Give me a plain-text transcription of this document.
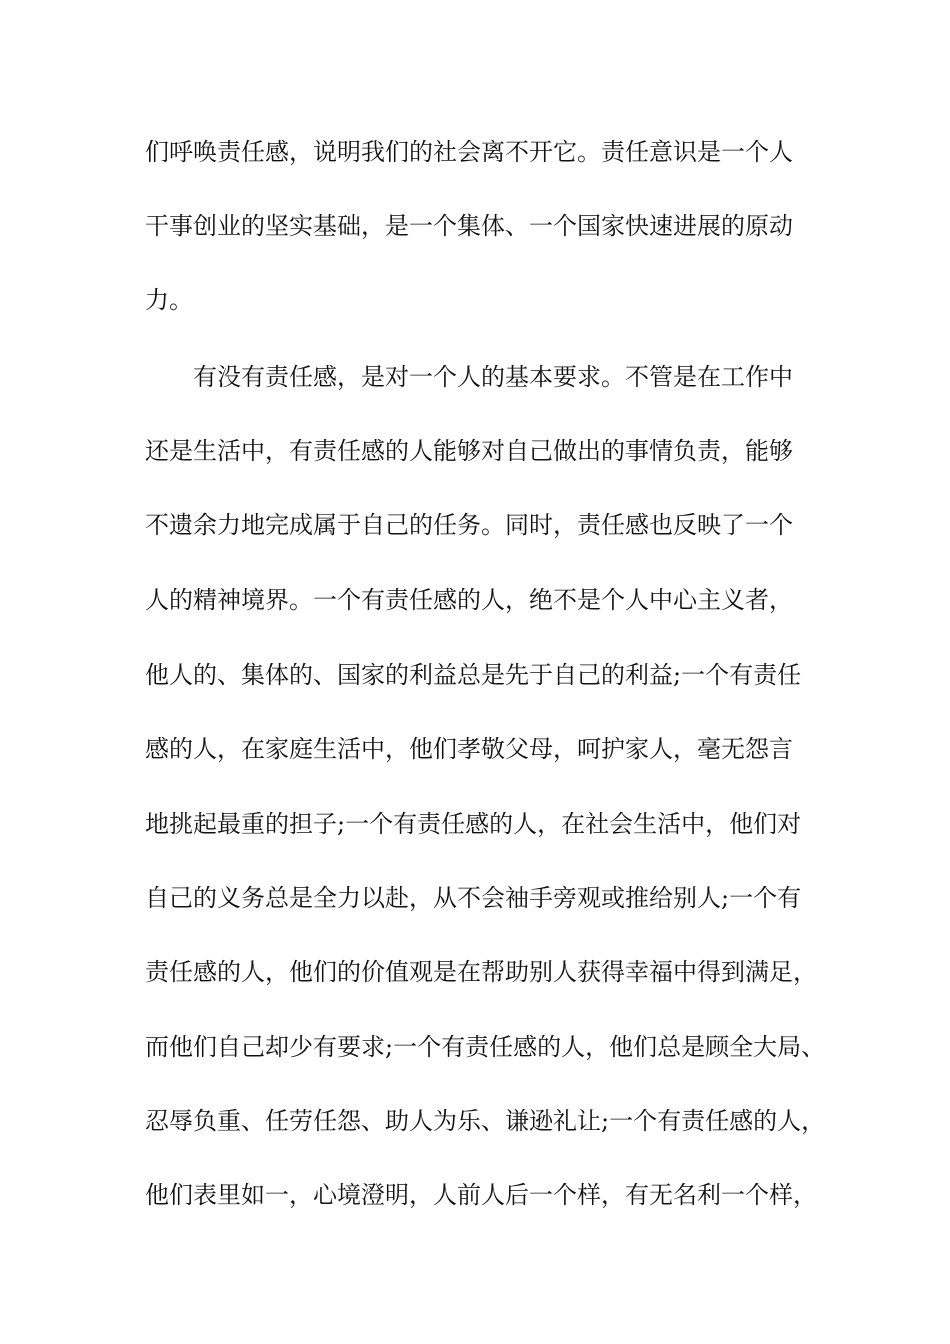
们呼唤责任感，说明我们的社会离不开它。责任意识是一个人
干事创业的坚实基础，是一个集体、一个国家快速进展的原动
力。
有没有责任感，是对一个人的基本要求。不管是在工作中
还是生活中，有责任感的人能够对自己做出的事情负责，能够
不遗余力地完成属于自己的任务。同时，责任感也反映了一个
人的精神境界。一个有责任感的人，绝不是个人中心主义者，
他人的、集体的、国家的利益总是先于自己的利益;一个有责任
感的人，在家庭生活中，他们孝敬父母，呵护家人，毫无怨言
地挑起最重的担子;一个有责任感的人，在社会生活中，他们对
自己的义务总是全力以赴，从不会袖手旁观或推给别人;一个有
责任感的人，他们的价值观是在帮助别人获得幸福中得到满足，
而他们自己却少有要求;一个有责任感的人，他们总是顾全大局、
忍辱负重、任劳任怨、助人为乐、谦逊礼让;一个有责任感的人，
他们表里如一，心境澄明，人前人后一个样，有无名利一个样，
